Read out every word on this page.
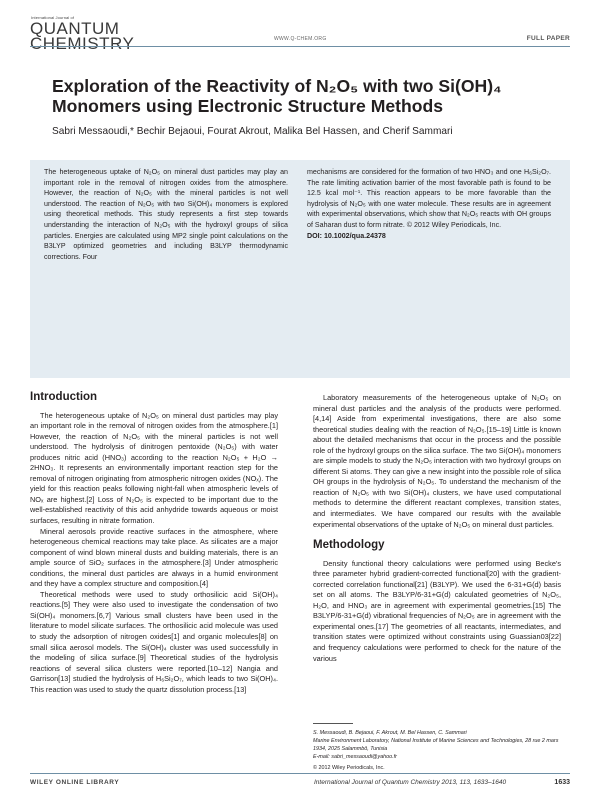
International Journal of
QUANTUM
CHEMISTRY	WWW.Q-CHEM.ORG	FULL PAPER
Exploration of the Reactivity of N₂O₅ with two Si(OH)₄ Monomers using Electronic Structure Methods
Sabri Messaoudi,* Bechir Bejaoui, Fourat Akrout, Malika Bel Hassen, and Cherif Sammari

The heterogeneous uptake of N₂O₅ on mineral dust particles may play an important role in the removal of nitrogen oxides from the atmosphere. However, the reaction of N₂O₅ with the mineral particles is not well understood. The reaction of N₂O₅ with two Si(OH)₄ monomers is explored using theoretical methods. This study represents a first step towards understanding the interaction of N₂O₅ with the hydroxyl groups of silica particles. Energies are calculated using MP2 single point calculations on the B3LYP optimized geometries and including B3LYP thermodynamic corrections. Four

mechanisms are considered for the formation of two HNO₃ and one H₆Si₂O₇. The rate limiting activation barrier of the most favorable path is found to be 12.5 kcal mol⁻¹. This reaction appears to be more favorable than the hydrolysis of N₂O₅ with one water molecule. These results are in agreement with experimental observations, which show that N₂O₅ reacts with OH groups of Saharan dust to form nitrate. © 2012 Wiley Periodicals, Inc.

DOI: 10.1002/qua.24378

Introduction

The heterogeneous uptake of N₂O₅ on mineral dust particles may play an important role in the removal of nitrogen oxides from the atmosphere.[1] However, the reaction of N₂O₅ with the mineral particles is not well understood. The hydrolysis of dinitrogen pentoxide (N₂O₅) with water produces nitric acid (HNO₃) according to the reaction N₂O₅ + H₂O → 2HNO₃. It represents an environmentally important reaction step for the removal of nitrogen originating from atmospheric nitrogen oxides (NOₓ). The yield for this reaction peaks following night-fall when atmospheric levels of NOₓ are highest.[2] Loss of N₂O₅ is expected to be important due to the well-established reactivity of this acid anhydride towards aqueous or moist surfaces, resulting in nitrate formation.

Mineral aerosols provide reactive surfaces in the atmosphere, where heterogeneous chemical reactions may take place. As silicates are a major component of wind blown mineral dusts and building materials, there is an ample source of SiO₂ surfaces in the atmosphere.[3] Under atmospheric conditions, the mineral dust particles are always in a humid environment and they have a complex structure and composition.[4]

Theoretical methods were used to study orthosilicic acid Si(OH)₄ reactions.[5] They were also used to investigate the condensation of two Si(OH)₄ monomers.[6,7] Various small clusters have been used in the literature to model silicate surfaces. The orthosilicic acid molecule was used to study the adsorption of nitrogen oxides[1] and organic molecules[8] on small silica aerosol models. The Si(OH)₄ cluster was used successfully in the modeling of silica surface.[9] Theoretical studies of the hydrolysis reactions of several silica clusters were reported.[10–12] Nangia and Garrison[13] studied the hydrolysis of H₆Si₂O₇, which leads to two Si(OH)₄. This reaction was used to study the quartz dissolution process.[13]

Laboratory measurements of the heterogeneous uptake of N₂O₅ on mineral dust particles and the analysis of the products were performed.[4,14] Aside from experimental investigations, there are also some theoretical studies dealing with the reaction of N₂O₅.[15–19] Little is known about the detailed mechanisms that occur in the process and the possible role of the hydroxyl groups on the silica surface. The two Si(OH)₄ monomers are simple models to study the N₂O₅ interaction with two hydroxyl groups on different Si atoms. They can give a new insight into the possible role of silica OH groups in the hydrolysis of N₂O₅. To understand the mechanism of the reaction of N₂O₅ with two Si(OH)₄ clusters, we have used computational methods to determine the different reactant complexes, transition states, and intermediates. We have compared our results with the available experimental observations of the uptake of N₂O₅ on mineral dust particles.

Methodology

Density functional theory calculations were performed using Becke's three parameter hybrid gradient-corrected functional[20] with the gradient-corrected correlation functional[21] (B3LYP). We used the 6-31+G(d) basis set on all atoms. The B3LYP/6-31+G(d) calculated geometries of N₂O₅, H₂O, and HNO₃ are in agreement with experimental geometries.[15] The B3LYP/6-31+G(d) vibrational frequencies of N₂O₅ are in agreement with the experimental ones.[17] The geometries of all reactants, intermediates, and transition states were optimized without constraints using Guassian03[22] and frequency calculations were performed to check for the nature of the various

S. Messaoudi, B. Bejaoui, F. Akrout, M. Bel Hassen, C. Sammari
Marine Environment Laboratory, National Institute of Marine Sciences and Technologies, 28 rue 2 mars 1934, 2025 Salammbô, Tunisia
E-mail: sabri_messaoudi@yahoo.fr
© 2012 Wiley Periodicals, Inc.
WILEY ONLINE LIBRARY	International Journal of Quantum Chemistry 2013, 113, 1633–1640	1633
